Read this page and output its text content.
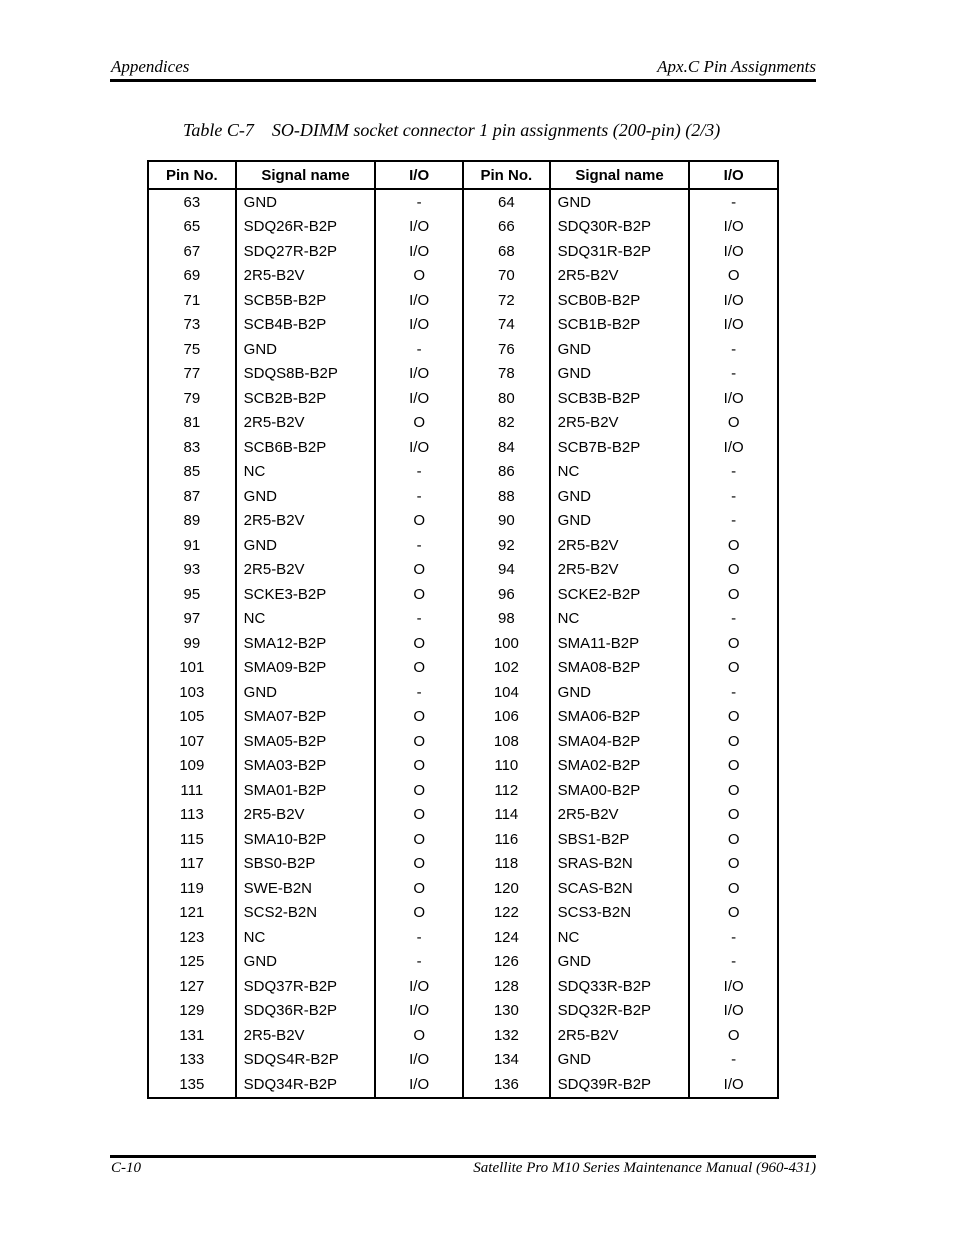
Appendices	Apx.C Pin Assignments
Table C-7    SO-DIMM socket connector 1 pin assignments (200-pin) (2/3)
Pin No.	Signal name	I/O	Pin No.	Signal name	I/O
63	GND	-	64	GND	-
65	SDQ26R-B2P	I/O	66	SDQ30R-B2P	I/O
67	SDQ27R-B2P	I/O	68	SDQ31R-B2P	I/O
69	2R5-B2V	O	70	2R5-B2V	O
71	SCB5B-B2P	I/O	72	SCB0B-B2P	I/O
73	SCB4B-B2P	I/O	74	SCB1B-B2P	I/O
75	GND	-	76	GND	-
77	SDQS8B-B2P	I/O	78	GND	-
79	SCB2B-B2P	I/O	80	SCB3B-B2P	I/O
81	2R5-B2V	O	82	2R5-B2V	O
83	SCB6B-B2P	I/O	84	SCB7B-B2P	I/O
85	NC	-	86	NC	-
87	GND	-	88	GND	-
89	2R5-B2V	O	90	GND	-
91	GND	-	92	2R5-B2V	O
93	2R5-B2V	O	94	2R5-B2V	O
95	SCKE3-B2P	O	96	SCKE2-B2P	O
97	NC	-	98	NC	-
99	SMA12-B2P	O	100	SMA11-B2P	O
101	SMA09-B2P	O	102	SMA08-B2P	O
103	GND	-	104	GND	-
105	SMA07-B2P	O	106	SMA06-B2P	O
107	SMA05-B2P	O	108	SMA04-B2P	O
109	SMA03-B2P	O	110	SMA02-B2P	O
111	SMA01-B2P	O	112	SMA00-B2P	O
113	2R5-B2V	O	114	2R5-B2V	O
115	SMA10-B2P	O	116	SBS1-B2P	O
117	SBS0-B2P	O	118	SRAS-B2N	O
119	SWE-B2N	O	120	SCAS-B2N	O
121	SCS2-B2N	O	122	SCS3-B2N	O
123	NC	-	124	NC	-
125	GND	-	126	GND	-
127	SDQ37R-B2P	I/O	128	SDQ33R-B2P	I/O
129	SDQ36R-B2P	I/O	130	SDQ32R-B2P	I/O
131	2R5-B2V	O	132	2R5-B2V	O
133	SDQS4R-B2P	I/O	134	GND	-
135	SDQ34R-B2P	I/O	136	SDQ39R-B2P	I/O
C-10	Satellite Pro M10 Series Maintenance Manual (960-431)
